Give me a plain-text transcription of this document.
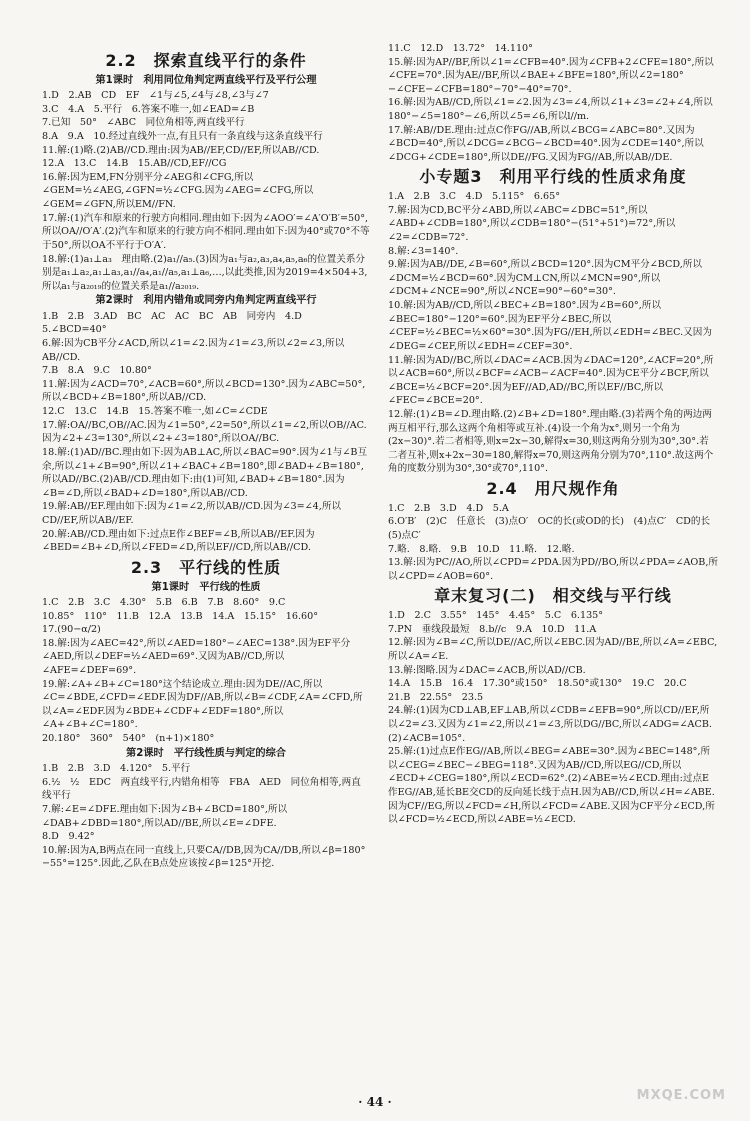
2.2　探索直线平行的条件
第1课时　利用同位角判定两直线平行及平行公理

1.D　2.AB　CD　EF　∠1与∠5,∠4与∠8,∠3与∠7

3.C　4.A　5.平行　6.答案不唯一,如∠EAD=∠B

7.已知　50°　∠ABC　同位角相等,两直线平行

8.A　9.A　10.经过直线外一点,有且只有一条直线与这条直线平行

11.解:(1)略.(2)AB//CD.理由:因为AB//EF,CD//EF,所以AB//CD.

12.A　13.C　14.B　15.AB//CD,EF//CG

16.解:因为EM,FN分别平分∠AEG和∠CFG,所以∠GEM=½∠AEG,∠GFN=½∠CFG.因为∠AEG=∠CFG,所以∠GEM=∠GFN,所以EM//FN.

17.解:(1)汽车和原来的行驶方向相同.理由如下:因为∠AOO′=∠A′O′B′=50°,所以OA//O′A′.(2)汽车和原来的行驶方向不相同.理由如下:因为40°或70°不等于50°,所以OA不平行于O′A′.

18.解:(1)a₁⊥a₃　理由略.(2)a₁//a₅.(3)因为a₁与a₂,a₃,a₄,a₅,a₆的位置关系分别是a₁⊥a₂,a₁⊥a₃,a₁//a₄,a₁//a₅,a₁⊥a₆,…,以此类推,因为2019=4×504+3,所以a₁与a₂₀₁₉的位置关系是a₁//a₂₀₁₉.

第2课时　利用内错角或同旁内角判定两直线平行

1.B　2.B　3.AD　BC　AC　AC　BC　AB　同旁内　4.D

5.∠BCD=40°

6.解:因为CB平分∠ACD,所以∠1=∠2.因为∠1=∠3,所以∠2=∠3,所以AB//CD.

7.B　8.A　9.C　10.80°

11.解:因为∠ACD=70°,∠ACB=60°,所以∠BCD=130°.因为∠ABC=50°,所以∠BCD+∠B=180°,所以AB//CD.

12.C　13.C　14.B　15.答案不唯一,如∠C=∠CDE

17.解:OA//BC,OB//AC.因为∠1=50°,∠2=50°,所以∠1=∠2,所以OB//AC.因为∠2+∠3=130°,所以∠2+∠3=180°,所以OA//BC.

18.解:(1)AD//BC.理由如下:因为AB⊥AC,所以∠BAC=90°.因为∠1与∠B互余,所以∠1+∠B=90°,所以∠1+∠BAC+∠B=180°,即∠BAD+∠B=180°,所以AD//BC.(2)AB//CD.理由如下:由(1)可知,∠BAD+∠B=180°.因为∠B=∠D,所以∠BAD+∠D=180°,所以AB//CD.

19.解:AB//EF.理由如下:因为∠1=∠2,所以AB//CD.因为∠3=∠4,所以CD//EF,所以AB//EF.

20.解:AB//CD.理由如下:过点E作∠BEF=∠B,所以AB//EF.因为∠BED=∠B+∠D,所以∠FED=∠D,所以EF//CD,所以AB//CD.

2.3　平行线的性质
第1课时　平行线的性质

1.C　2.B　3.C　4.30°　5.B　6.B　7.B　8.60°　9.C

10.85°　110°　11.B　12.A　13.B　14.A　15.15°　16.60°

17.(90−α/2)

18.解:因为∠AEC=42°,所以∠AED=180°−∠AEC=138°.因为EF平分∠AED,所以∠DEF=½∠AED=69°.又因为AB//CD,所以∠AFE=∠DEF=69°.

19.解:∠A+∠B+∠C=180°这个结论成立.理由:因为DE//AC,所以∠C=∠BDE,∠CFD=∠EDF.因为DF//AB,所以∠B=∠CDF,∠A=∠CFD,所以∠A=∠EDF.因为∠BDE+∠CDF+∠EDF=180°,所以∠A+∠B+∠C=180°.

20.180°　360°　540°　(n+1)×180°

第2课时　平行线性质与判定的综合

1.B　2.B　3.D　4.120°　5.平行

6.½　½　EDC　两直线平行,内错角相等　FBA　AED　同位角相等,两直线平行

7.解:∠E=∠DFE.理由如下:因为∠B+∠BCD=180°,所以∠DAB+∠DBD=180°,所以AD//BE,所以∠E=∠DFE.

8.D　9.42°

10.解:因为A,B两点在同一直线上,只要CA//DB,因为CA//DB,所以∠β=180°−55°=125°.因此,乙队在B点处应该按∠β=125°开挖.

11.C　12.D　13.72°　14.110°

15.解:因为AP//BF,所以∠1=∠CFB=40°.因为∠CFB+2∠CFE=180°,所以∠CFE=70°.因为AE//BF,所以∠BAE+∠BFE=180°,所以∠2=180°−∠CFE−∠CFB=180°−70°−40°=70°.

16.解:因为AB//CD,所以∠1=∠2.因为∠3=∠4,所以∠1+∠3=∠2+∠4,所以180°−∠5=180°−∠6,所以∠5=∠6,所以l//m.

17.解:AB//DE.理由:过点C作FG//AB,所以∠BCG=∠ABC=80°.又因为∠BCD=40°,所以∠DCG=∠BCG−∠BCD=40°.因为∠CDE=140°,所以∠DCG+∠CDE=180°,所以DE//FG.又因为FG//AB,所以AB//DE.

小专题3　利用平行线的性质求角度

1.A　2.B　3.C　4.D　5.115°　6.65°

7.解:因为CD,BC平分∠ABD,所以∠ABC=∠DBC=51°,所以∠ABD+∠CDB=180°,所以∠CDB=180°−(51°+51°)=72°,所以∠2=∠CDB=72°.

8.解:∠3=140°.

9.解:因为AB//DE,∠B=60°,所以∠BCD=120°.因为CM平分∠BCD,所以∠DCM=½∠BCD=60°.因为CM⊥CN,所以∠MCN=90°,所以∠DCM+∠NCE=90°,所以∠NCE=90°−60°=30°.

10.解:因为AB//CD,所以∠BEC+∠B=180°.因为∠B=60°,所以∠BEC=180°−120°=60°.因为EF平分∠BEC,所以∠CEF=½∠BEC=½×60°=30°.因为FG//EH,所以∠EDH=∠BEC.又因为∠DEG=∠CEF,所以∠EDH=∠CEF=30°.

11.解:因为AD//BC,所以∠DAC=∠ACB.因为∠DAC=120°,∠ACF=20°,所以∠ACB=60°,所以∠BCF=∠ACB−∠ACF=40°.因为CE平分∠BCF,所以∠BCE=½∠BCF=20°.因为EF//AD,AD//BC,所以EF//BC,所以∠FEC=∠BCE=20°.

12.解:(1)∠B=∠D.理由略.(2)∠B+∠D=180°.理由略.(3)若两个角的两边两两互相平行,那么这两个角相等或互补.(4)设一个角为x°,则另一个角为(2x−30)°.若二者相等,则x=2x−30,解得x=30,则这两角分别为30°,30°.若二者互补,则x+2x−30=180,解得x=70,则这两角分别为70°,110°.故这两个角的度数分别为30°,30°或70°,110°.

2.4　用尺规作角

1.C　2.B　3.D　4.D　5.A

6.O′B′　(2)C　任意长　(3)点O′　OC的长(或OD的长)　(4)点C′　CD的长　(5)点C′

7.略.　8.略.　9.B　10.D　11.略.　12.略.

13.解:因为PC//AO,所以∠CPD=∠PDA.因为PD//BO,所以∠PDA=∠AOB,所以∠CPD=∠AOB=60°.

章末复习(二)　相交线与平行线

1.D　2.C　3.55°　145°　4.45°　5.C　6.135°

7.PN　垂线段最短　8.b//c　9.A　10.D　11.A

12.解:因为∠B=∠C,所以DE//AC,所以∠EBC.因为AD//BE,所以∠A=∠EBC,所以∠A=∠E.

13.解:图略.因为∠DAC=∠ACB,所以AD//CB.

14.A　15.B　16.4　17.30°或150°　18.50°或130°　19.C　20.C

21.B　22.55°　23.5

24.解:(1)因为CD⊥AB,EF⊥AB,所以∠CDB=∠EFB=90°,所以CD//EF,所以∠2=∠3.又因为∠1=∠2,所以∠1=∠3,所以DG//BC,所以∠ADG=∠ACB.(2)∠ACB=105°.

25.解:(1)过点E作EG//AB,所以∠BEG=∠ABE=30°.因为∠BEC=148°,所以∠CEG=∠BEC−∠BEG=118°.又因为AB//CD,所以EG//CD,所以∠ECD+∠CEG=180°,所以∠ECD=62°.(2)∠ABE=½∠ECD.理由:过点E作EG//AB,延长BE交CD的反向延长线于点H.因为AB//CD,所以∠H=∠ABE.因为CF//EG,所以∠FCD=∠H,所以∠FCD=∠ABE.又因为CF平分∠ECD,所以∠FCD=½∠ECD,所以∠ABE=½∠ECD.

· 44 ·	MXQE.COM
